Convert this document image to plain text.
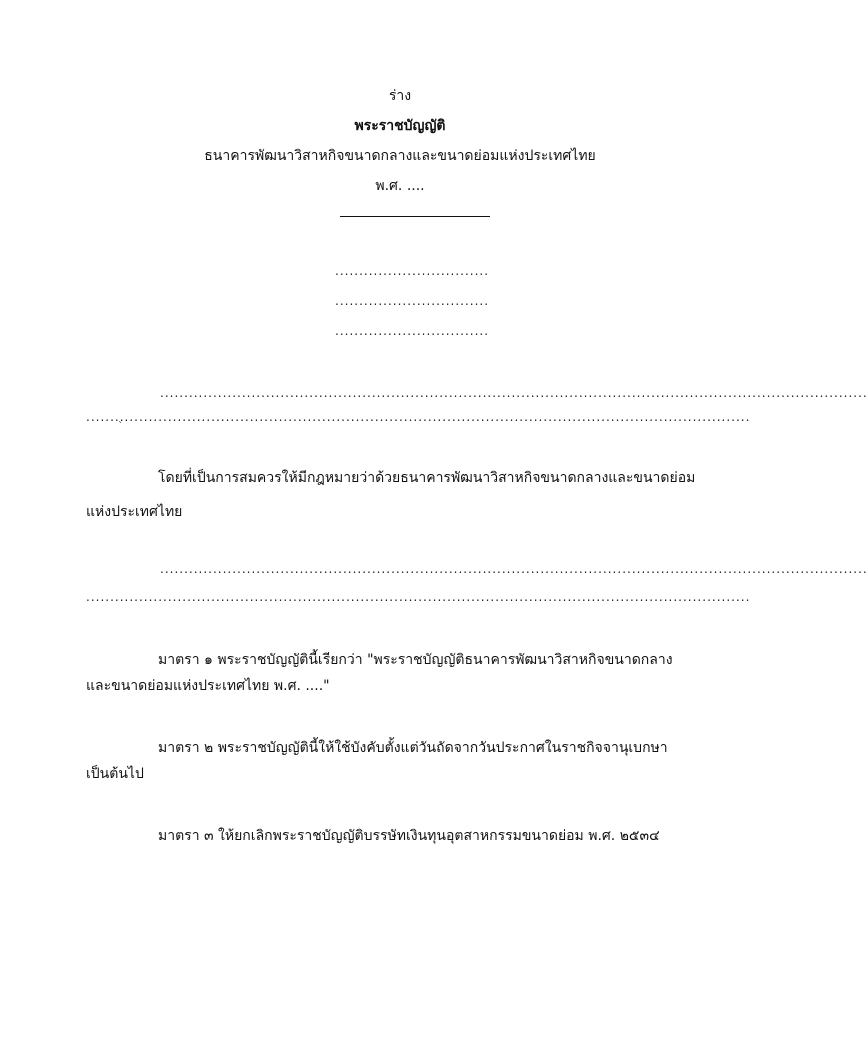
ร่าง
พระราชบัญญัติ
ธนาคารพัฒนาวิสาหกิจขนาดกลางและขนาดย่อมแห่งประเทศไทย
พ.ศ. ....
................................
................................
................................
...................................................................................................................................................
..........................................................................................................................................
`
โดยที่เป็นการสมควรให้มีกฎหมายว่าด้วยธนาคารพัฒนาวิสาหกิจขนาดกลางและขนาดย่อม
แห่งประเทศไทย
...................................................................................................................................................
..........................................................................................................................................
มาตรา ๑ พระราชบัญญัตินี้เรียกว่า "พระราชบัญญัติธนาคารพัฒนาวิสาหกิจขนาดกลาง
และขนาดย่อมแห่งประเทศไทย พ.ศ. ...."
มาตรา ๒ พระราชบัญญัตินี้ให้ใช้บังคับตั้งแต่วันถัดจากวันประกาศในราชกิจจานุเบกษา
เป็นต้นไป
มาตรา ๓ ให้ยกเลิกพระราชบัญญัติบรรษัทเงินทุนอุตสาหกรรมขนาดย่อม พ.ศ. ๒๕๓๔
